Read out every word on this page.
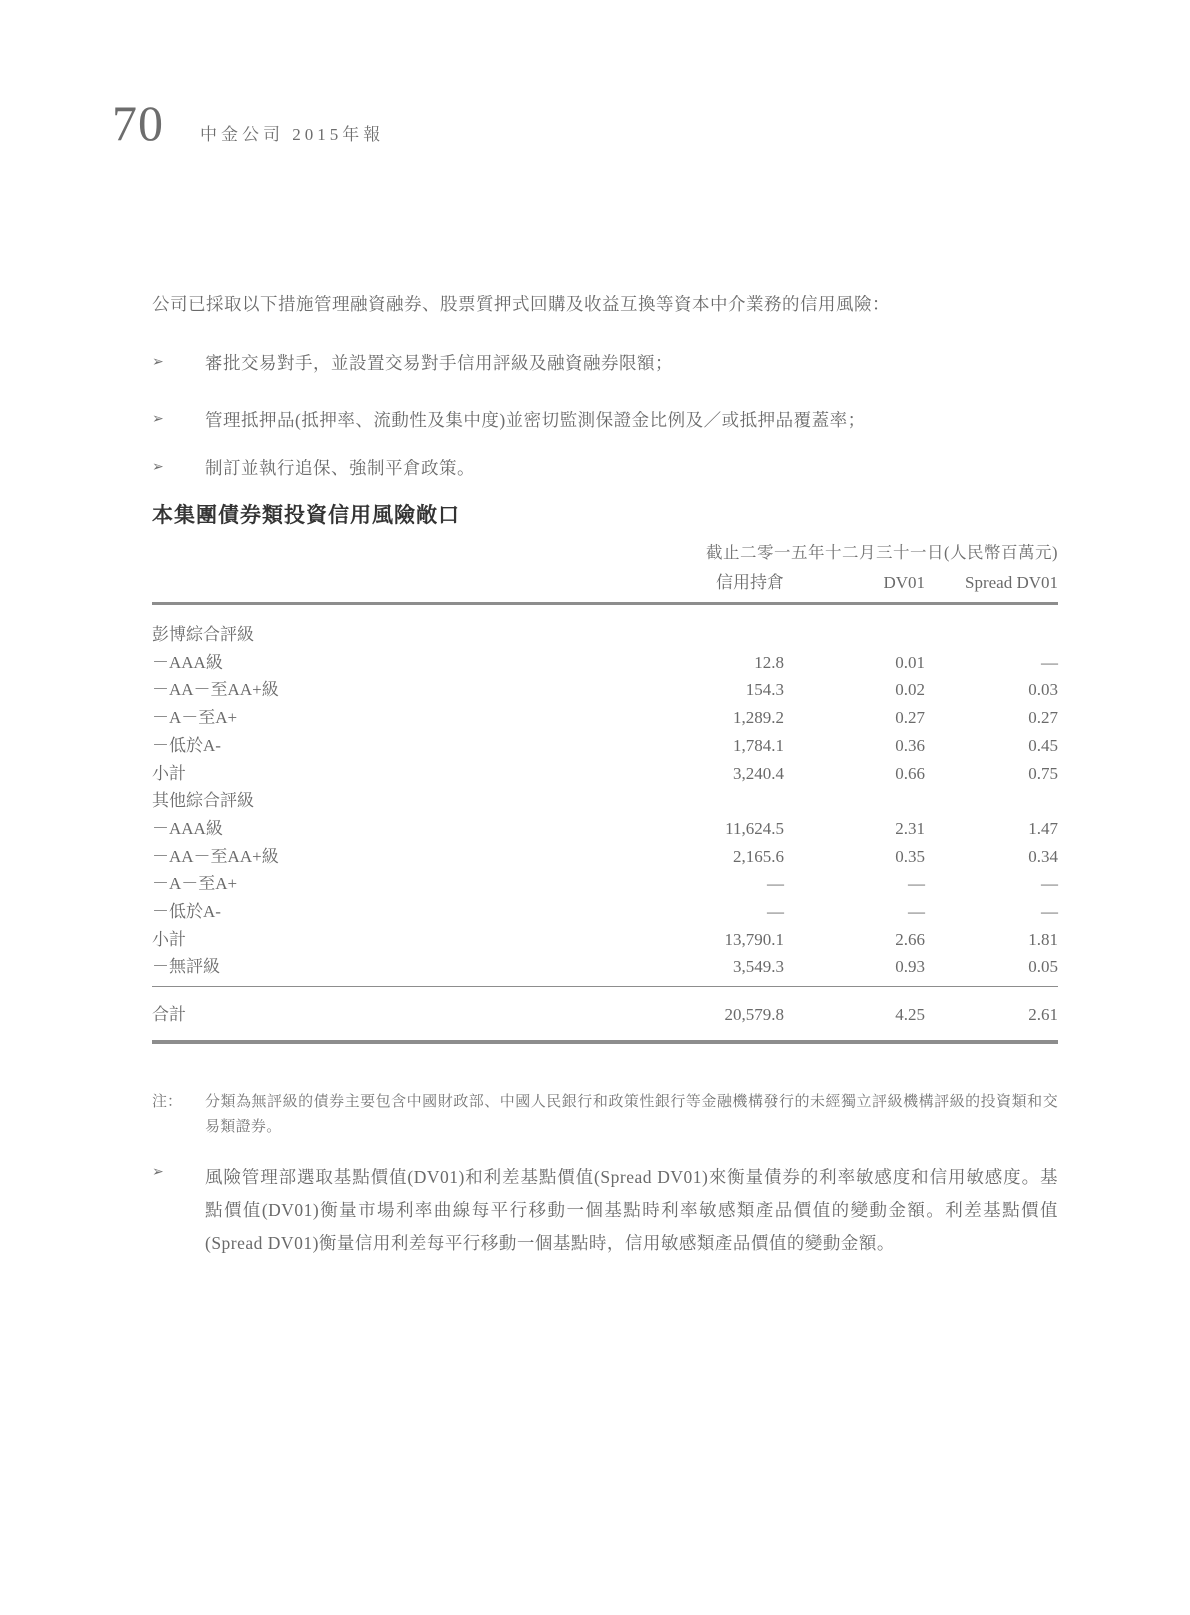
70 中金公司 2015年報

公司已採取以下措施管理融資融券、股票質押式回購及收益互換等資本中介業務的信用風險：

➢	審批交易對手，並設置交易對手信用評級及融資融券限額；
➢	管理抵押品(抵押率、流動性及集中度)並密切監測保證金比例及／或抵押品覆蓋率；
➢	制訂並執行追保、強制平倉政策。
本集團債券類投資信用風險敞口
截止二零一五年十二月三十一日(人民幣百萬元)
信用持倉	DV01	Spread DV01
彭博綜合評級
－AAA級	12.8	0.01	—
－AA－至AA+級	154.3	0.02	0.03
－A－至A+	1,289.2	0.27	0.27
－低於A-	1,784.1	0.36	0.45
小計	3,240.4	0.66	0.75
其他綜合評級
－AAA級	11,624.5	2.31	1.47
－AA－至AA+級	2,165.6	0.35	0.34
－A－至A+	—	—	—
－低於A-	—	—	—
小計	13,790.1	2.66	1.81
－無評級	3,549.3	0.93	0.05
合計	20,579.8	4.25	2.61
注：	分類為無評級的債券主要包含中國財政部、中國人民銀行和政策性銀行等金融機構發行的未經獨立評級機構評級的投資類和交易類證券。
➢	風險管理部選取基點價值(DV01)和利差基點價值(Spread DV01)來衡量債券的利率敏感度和信用敏感度。基點價值(DV01)衡量市場利率曲線每平行移動一個基點時利率敏感類產品價值的變動金額。利差基點價值(Spread DV01)衡量信用利差每平行移動一個基點時，信用敏感類產品價值的變動金額。
